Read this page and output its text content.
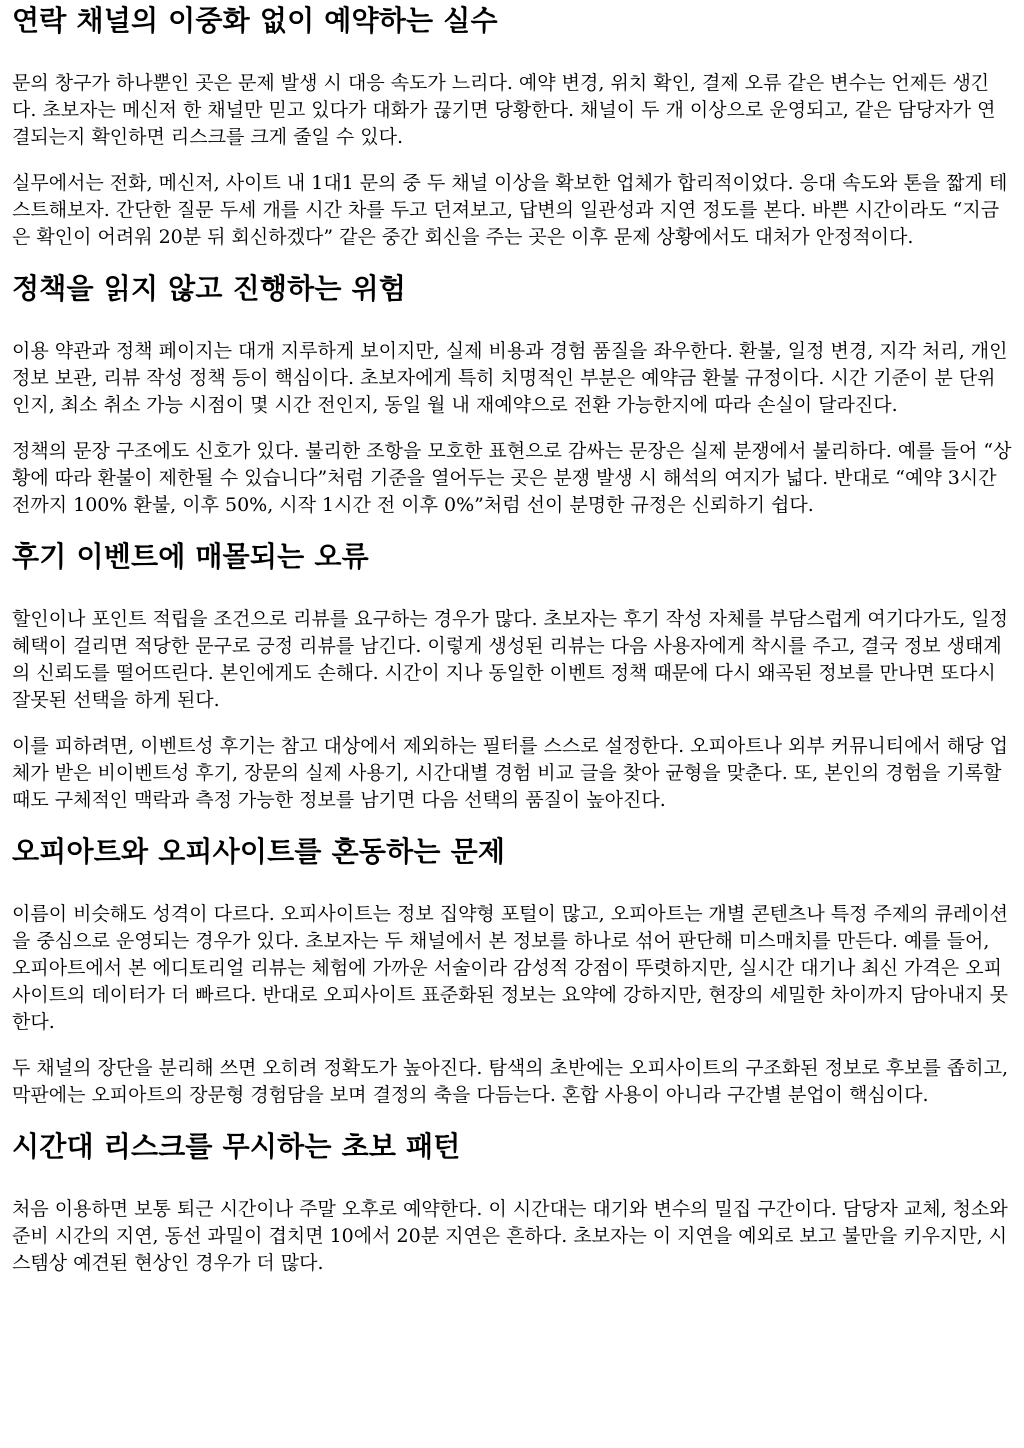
연락 채널의 이중화 없이 예약하는 실수

문의 창구가 하나뿐인 곳은 문제 발생 시 대응 속도가 느리다. 예약 변경, 위치 확인, 결제 오류 같은 변수는 언제든 생긴다. 초보자는 메신저 한 채널만 믿고 있다가 대화가 끊기면 당황한다. 채널이 두 개 이상으로 운영되고, 같은 담당자가 연결되는지 확인하면 리스크를 크게 줄일 수 있다.

실무에서는 전화, 메신저, 사이트 내 1대1 문의 중 두 채널 이상을 확보한 업체가 합리적이었다. 응대 속도와 톤을 짧게 테스트해보자. 간단한 질문 두세 개를 시간 차를 두고 던져보고, 답변의 일관성과 지연 정도를 본다. 바쁜 시간이라도 “지금은 확인이 어려워 20분 뒤 회신하겠다” 같은 중간 회신을 주는 곳은 이후 문제 상황에서도 대처가 안정적이다.

정책을 읽지 않고 진행하는 위험

이용 약관과 정책 페이지는 대개 지루하게 보이지만, 실제 비용과 경험 품질을 좌우한다. 환불, 일정 변경, 지각 처리, 개인 정보 보관, 리뷰 작성 정책 등이 핵심이다. 초보자에게 특히 치명적인 부분은 예약금 환불 규정이다. 시간 기준이 분 단위인지, 최소 취소 가능 시점이 몇 시간 전인지, 동일 월 내 재예약으로 전환 가능한지에 따라 손실이 달라진다.

정책의 문장 구조에도 신호가 있다. 불리한 조항을 모호한 표현으로 감싸는 문장은 실제 분쟁에서 불리하다. 예를 들어 “상황에 따라 환불이 제한될 수 있습니다”처럼 기준을 열어두는 곳은 분쟁 발생 시 해석의 여지가 넓다. 반대로 “예약 3시간 전까지 100% 환불, 이후 50%, 시작 1시간 전 이후 0%”처럼 선이 분명한 규정은 신뢰하기 쉽다.

후기 이벤트에 매몰되는 오류

할인이나 포인트 적립을 조건으로 리뷰를 요구하는 경우가 많다. 초보자는 후기 작성 자체를 부담스럽게 여기다가도, 일정 혜택이 걸리면 적당한 문구로 긍정 리뷰를 남긴다. 이렇게 생성된 리뷰는 다음 사용자에게 착시를 주고, 결국 정보 생태계의 신뢰도를 떨어뜨린다. 본인에게도 손해다. 시간이 지나 동일한 이벤트 정책 때문에 다시 왜곡된 정보를 만나면 또다시 잘못된 선택을 하게 된다.

이를 피하려면, 이벤트성 후기는 참고 대상에서 제외하는 필터를 스스로 설정한다. 오피아트나 외부 커뮤니티에서 해당 업체가 받은 비이벤트성 후기, 장문의 실제 사용기, 시간대별 경험 비교 글을 찾아 균형을 맞춘다. 또, 본인의 경험을 기록할 때도 구체적인 맥락과 측정 가능한 정보를 남기면 다음 선택의 품질이 높아진다.

오피아트와 오피사이트를 혼동하는 문제

이름이 비슷해도 성격이 다르다. 오피사이트는 정보 집약형 포털이 많고, 오피아트는 개별 콘텐츠나 특정 주제의 큐레이션을 중심으로 운영되는 경우가 있다. 초보자는 두 채널에서 본 정보를 하나로 섞어 판단해 미스매치를 만든다. 예를 들어, 오피아트에서 본 에디토리얼 리뷰는 체험에 가까운 서술이라 감성적 강점이 뚜렷하지만, 실시간 대기나 최신 가격은 오피사이트의 데이터가 더 빠르다. 반대로 오피사이트 표준화된 정보는 요약에 강하지만, 현장의 세밀한 차이까지 담아내지 못한다.

두 채널의 장단을 분리해 쓰면 오히려 정확도가 높아진다. 탐색의 초반에는 오피사이트의 구조화된 정보로 후보를 좁히고, 막판에는 오피아트의 장문형 경험담을 보며 결정의 축을 다듬는다. 혼합 사용이 아니라 구간별 분업이 핵심이다.

시간대 리스크를 무시하는 초보 패턴

처음 이용하면 보통 퇴근 시간이나 주말 오후로 예약한다. 이 시간대는 대기와 변수의 밀집 구간이다. 담당자 교체, 청소와 준비 시간의 지연, 동선 과밀이 겹치면 10에서 20분 지연은 흔하다. 초보자는 이 지연을 예외로 보고 불만을 키우지만, 시스템상 예견된 현상인 경우가 더 많다.
